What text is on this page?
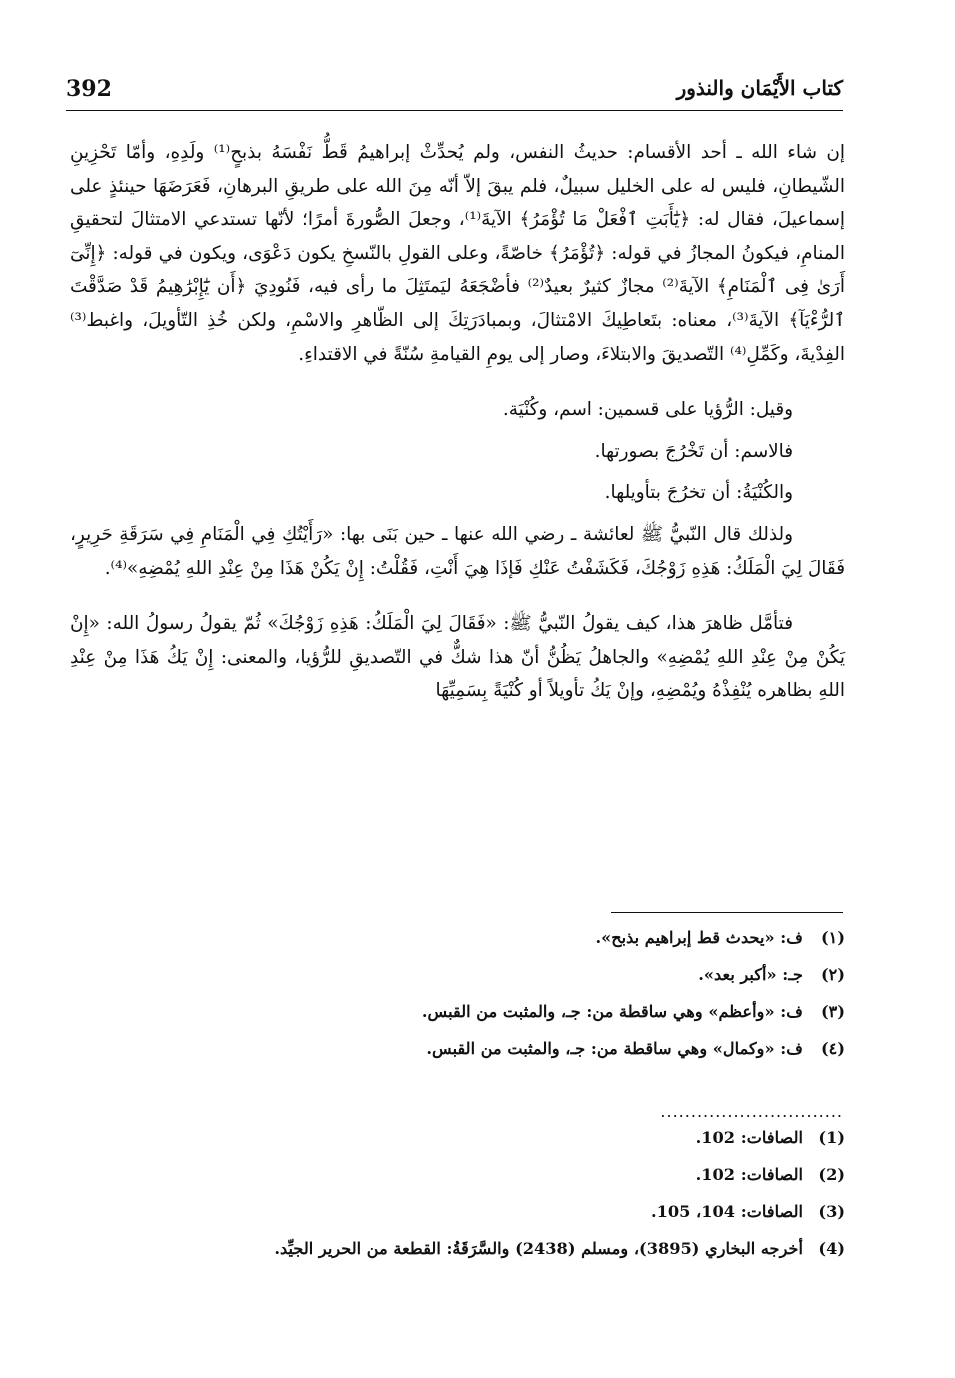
392	كتاب الأَيْمَان والنذور

إن شاء الله ـ أحد الأقسام: حديثُ النفس، ولم يُحدِّثْ إبراهيمُ قَطُّ نَفْسَهُ بذبحٍ⁽¹⁾ ولَدِهِ، وأمّا تَحْزِينِ الشّيطانِ، فليس له على الخليل سبيلٌ، فلم يبقَ إلاّ أنّه مِنَ الله على طريقِ البرهانِ، فَعَرَضَهَا حينئذٍ على إسماعيلَ، فقال له: ﴿يَٰٓأَبَتِ ٱفْعَلْ مَا تُؤْمَرُ﴾ الآيةَ⁽¹⁾، وجعلَ الصُّورةَ أمرًا؛ لأنّها تستدعي الامتثالَ لتحقيقِ المنامِ، فيكونُ المجازُ في قوله: ﴿تُؤْمَرُ﴾ خاصّةً، وعلى القولِ بالنّسخِ يكون دَعْوَى، ويكون في قوله: ﴿إِنِّىٓ أَرَىٰ فِى ٱلْمَنَامِ﴾ الآيةَ⁽²⁾ مجازٌ كثيرٌ بعيدٌ⁽²⁾ فأضْجَعَهُ ليَمتَثِلَ ما رأى فيه، فَنُودِيَ ﴿أَن يَٰٓإِبْرَٰهِيمُ قَدْ صَدَّقْتَ ٱلرُّءْيَآ﴾ الآيةَ⁽³⁾، معناه: بتَعاطِيكَ الامْتثالَ، وبمبادَرَتِكَ إلى الظّاهرِ والاسْمِ، ولكن خُذِ التّأويلَ، واغبط⁽³⁾ الفِدْيةَ، وكَمِّلِ⁽⁴⁾ التّصديقَ والابتلاءَ، وصار إلى يومِ القيامةِ سُنّةً في الاقتداءِ.

وقيل: الرُّؤيا على قسمين: اسم، وكُنْيَة.

فالاسم: أن تَخْرُجَ بصورتها.

والكُنْيَةُ: أن تخرُجَ بتأويلها.

ولذلك قال النّبيُّ ﷺ لعائشة ـ رضي الله عنها ـ حين بَنَى بها: «رَأَيْتُكِ فِي الْمَنَامِ فِي سَرَقَةِ حَرِيرٍ، فَقَالَ لِيَ الْمَلَكُ: هَذِهِ زَوْجُكَ، فَكَشَفْتُ عَنْكِ فَإذَا هِيَ أَنْتِ، فَقُلْتُ: إِنْ يَكُنْ هَذَا مِنْ عِنْدِ اللهِ يُمْضِهِ»⁽⁴⁾.

فتأمَّل ظاهرَ هذا، كيف يقولُ النّبيُّ ﷺ: «فَقَالَ لِيَ الْمَلَكُ: هَذِهِ زَوْجُكَ» ثُمّ يقولُ رسولُ الله: «إِنْ يَكُنْ مِنْ عِنْدِ اللهِ يُمْضِهِ» والجاهلُ يَظُنُّ أنّ هذا شكٌّ في التّصديقِ للرُّؤيا، والمعنى: إِنْ يَكُ هَذَا مِنْ عِنْدِ اللهِ بظاهره يُنْفِذْهُ ويُمْضِهِ، وإنْ يَكُ تأويلاً أو كُنْيَةً بِسَمِيِّهَا

(١)
ف: «يحدث قط إبراهيم بذبح».
(٢)
جـ: «أكبر بعد».
(٣)
ف: «وأعظم» وهي ساقطة من: جـ، والمثبت من القبس.
(٤)
ف: «وكمال» وهي ساقطة من: جـ، والمثبت من القبس.
..............................
(1)
الصافات: 102.
(2)
الصافات: 102.
(3)
الصافات: 104، 105.
(4)
أخرجه البخاري (3895)، ومسلم (2438) والسَّرَقَةُ: القطعة من الحرير الجيِّد.
